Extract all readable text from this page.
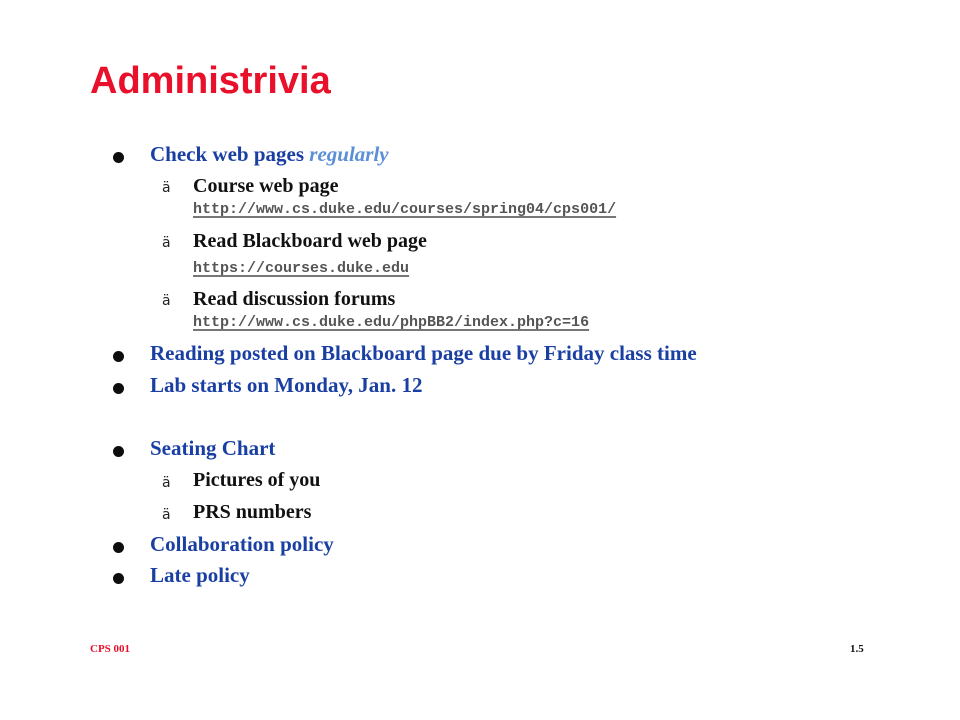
Administrivia
Check web pages regularly
ä Course web page
http://www.cs.duke.edu/courses/spring04/cps001/
ä Read Blackboard web page
https://courses.duke.edu
ä Read discussion forums
http://www.cs.duke.edu/phpBB2/index.php?c=16
Reading posted on Blackboard page due by Friday class time
Lab starts on Monday, Jan. 12
Seating Chart
ä Pictures of you
ä PRS numbers
Collaboration policy
Late policy
CPS 001	1.5
